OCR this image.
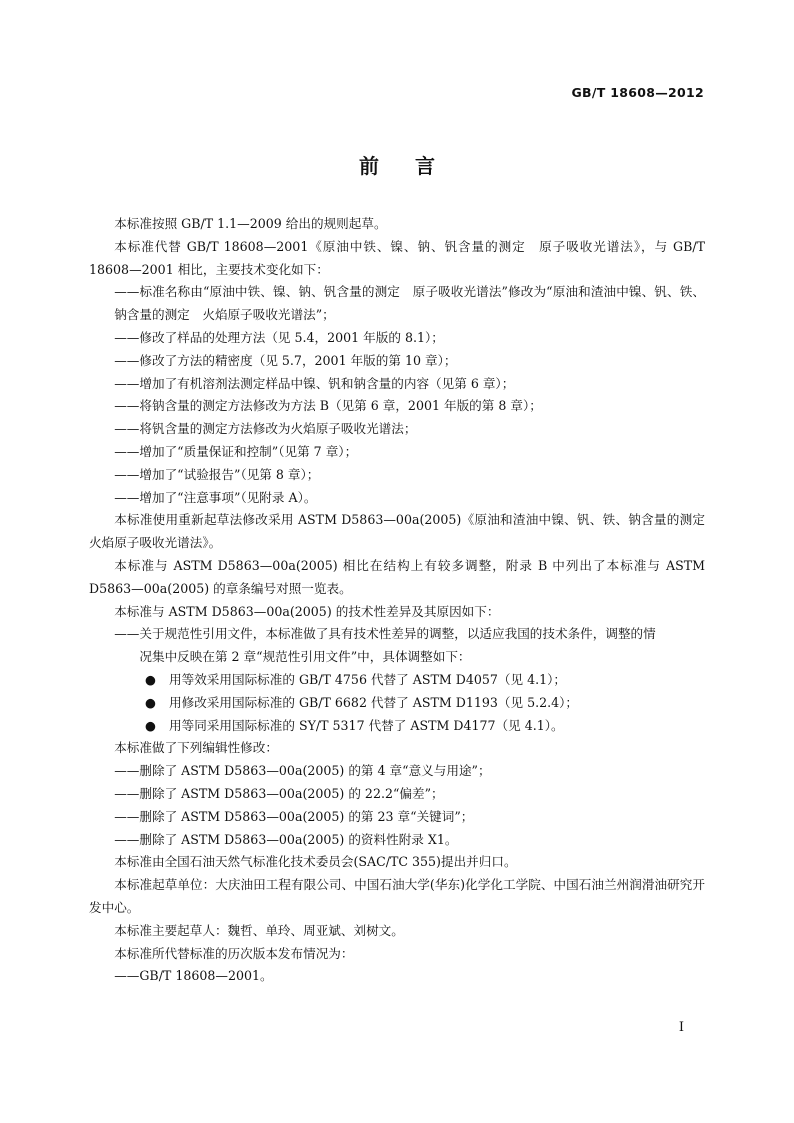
GB/T 18608—2012
前 言

本标准按照 GB/T 1.1—2009 给出的规则起草。

本标准代替 GB/T 18608—2001《原油中铁、镍、钠、钒含量的测定　原子吸收光谱法》，与 GB/T 18608—2001 相比，主要技术变化如下：

——标准名称由“原油中铁、镍、钠、钒含量的测定　原子吸收光谱法”修改为“原油和渣油中镍、钒、铁、钠含量的测定　火焰原子吸收光谱法”；

——修改了样品的处理方法（见 5.4，2001 年版的 8.1）；

——修改了方法的精密度（见 5.7，2001 年版的第 10 章）；

——增加了有机溶剂法测定样品中镍、钒和钠含量的内容（见第 6 章）；

——将钠含量的测定方法修改为方法 B（见第 6 章，2001 年版的第 8 章）；

——将钒含量的测定方法修改为火焰原子吸收光谱法；

——增加了“质量保证和控制”（见第 7 章）；

——增加了“试验报告”（见第 8 章）；

——增加了“注意事项”（见附录 A）。

本标准使用重新起草法修改采用 ASTM D5863—00a(2005)《原油和渣油中镍、钒、铁、钠含量的测定　火焰原子吸收光谱法》。

本标准与 ASTM D5863—00a(2005) 相比在结构上有较多调整，附录 B 中列出了本标准与 ASTM D5863—00a(2005) 的章条编号对照一览表。

本标准与 ASTM D5863—00a(2005) 的技术性差异及其原因如下：

——关于规范性引用文件，本标准做了具有技术性差异的调整，以适应我国的技术条件，调整的情
况集中反映在第 2 章“规范性引用文件”中，具体调整如下：

●	用等效采用国际标准的 GB/T 4756 代替了 ASTM D4057（见 4.1）；

●	用修改采用国际标准的 GB/T 6682 代替了 ASTM D1193（见 5.2.4）；

●	用等同采用国际标准的 SY/T 5317 代替了 ASTM D4177（见 4.1）。

本标准做了下列编辑性修改：

——删除了 ASTM D5863—00a(2005) 的第 4 章“意义与用途”；

——删除了 ASTM D5863—00a(2005) 的 22.2“偏差”；

——删除了 ASTM D5863—00a(2005) 的第 23 章“关键词”；

——删除了 ASTM D5863—00a(2005) 的资料性附录 X1。

本标准由全国石油天然气标准化技术委员会(SAC/TC 355)提出并归口。

本标准起草单位：大庆油田工程有限公司、中国石油大学(华东)化学化工学院、中国石油兰州润滑油研究开发中心。

本标准主要起草人：魏哲、单玲、周亚斌、刘树文。

本标准所代替标准的历次版本发布情况为：

——GB/T 18608—2001。

I
